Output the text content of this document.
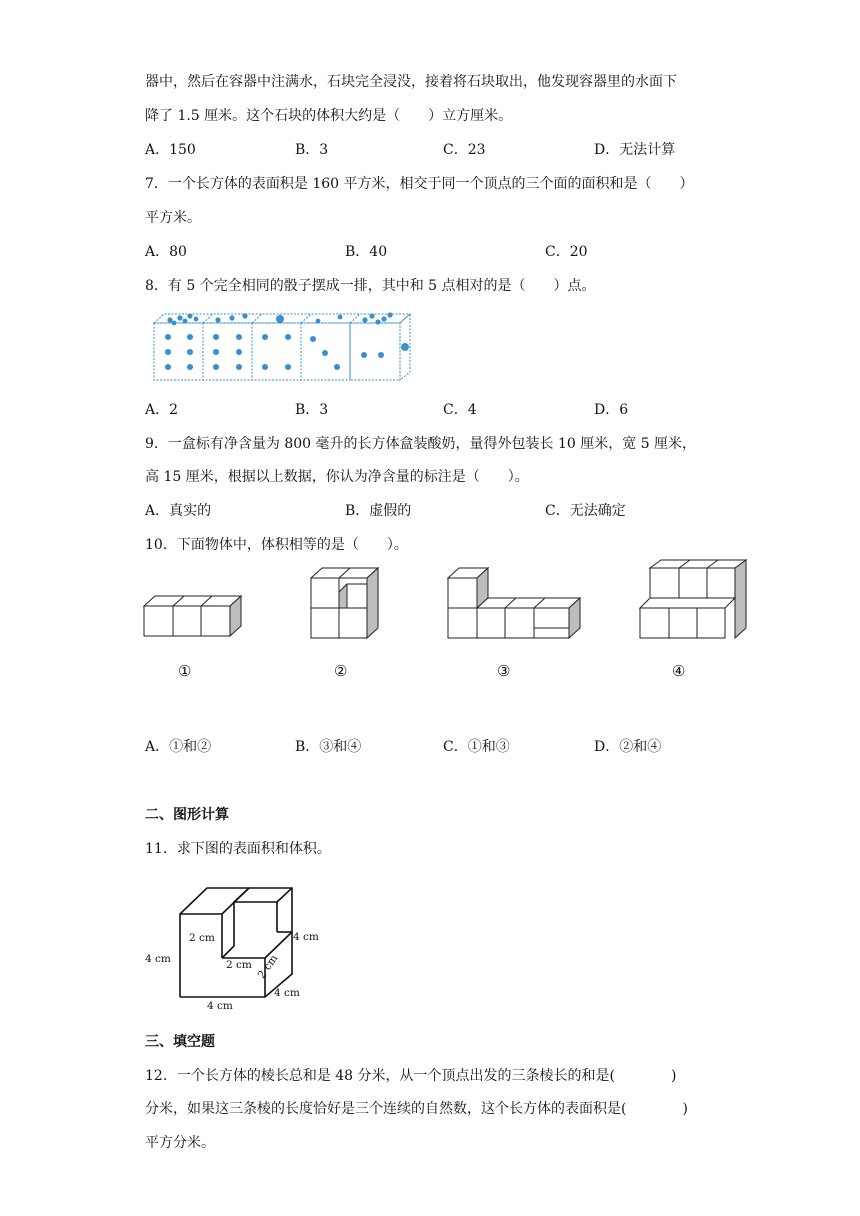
器中，然后在容器中注满水，石块完全浸没，接着将石块取出，他发现容器里的水面下
降了 1.5 厘米。这个石块的体积大约是（　　）立方厘米。
A．150	B．3	C．23	D．无法计算
7．一个长方体的表面积是 160 平方米，相交于同一个顶点的三个面的面积和是（　　）
平方米。
A．80	B．40	C．20
8．有 5 个完全相同的骰子摆成一排，其中和 5 点相对的是（　　）点。
A．2	B．3	C．4	D．6
9．一盒标有净含量为 800 毫升的长方体盒装酸奶，量得外包装长 10 厘米，宽 5 厘米，
高 15 厘米，根据以上数据，你认为净含量的标注是（　　）。
A．真实的	B．虚假的	C．无法确定
10．下面物体中，体积相等的是（　　）。
①	②	③	④
A．①和②	B．③和④	C．①和③	D．②和④
二、图形计算
11．求下图的表面积和体积。
2 cm	4 cm
2 cm
4 cm
4 cm
4 cm
2 cm
三、填空题
12．一个长方体的棱长总和是 48 分米，从一个顶点出发的三条棱长的和是(　　　　)
分米，如果这三条棱的长度恰好是三个连续的自然数，这个长方体的表面积是(　　　　)
平方分米。
